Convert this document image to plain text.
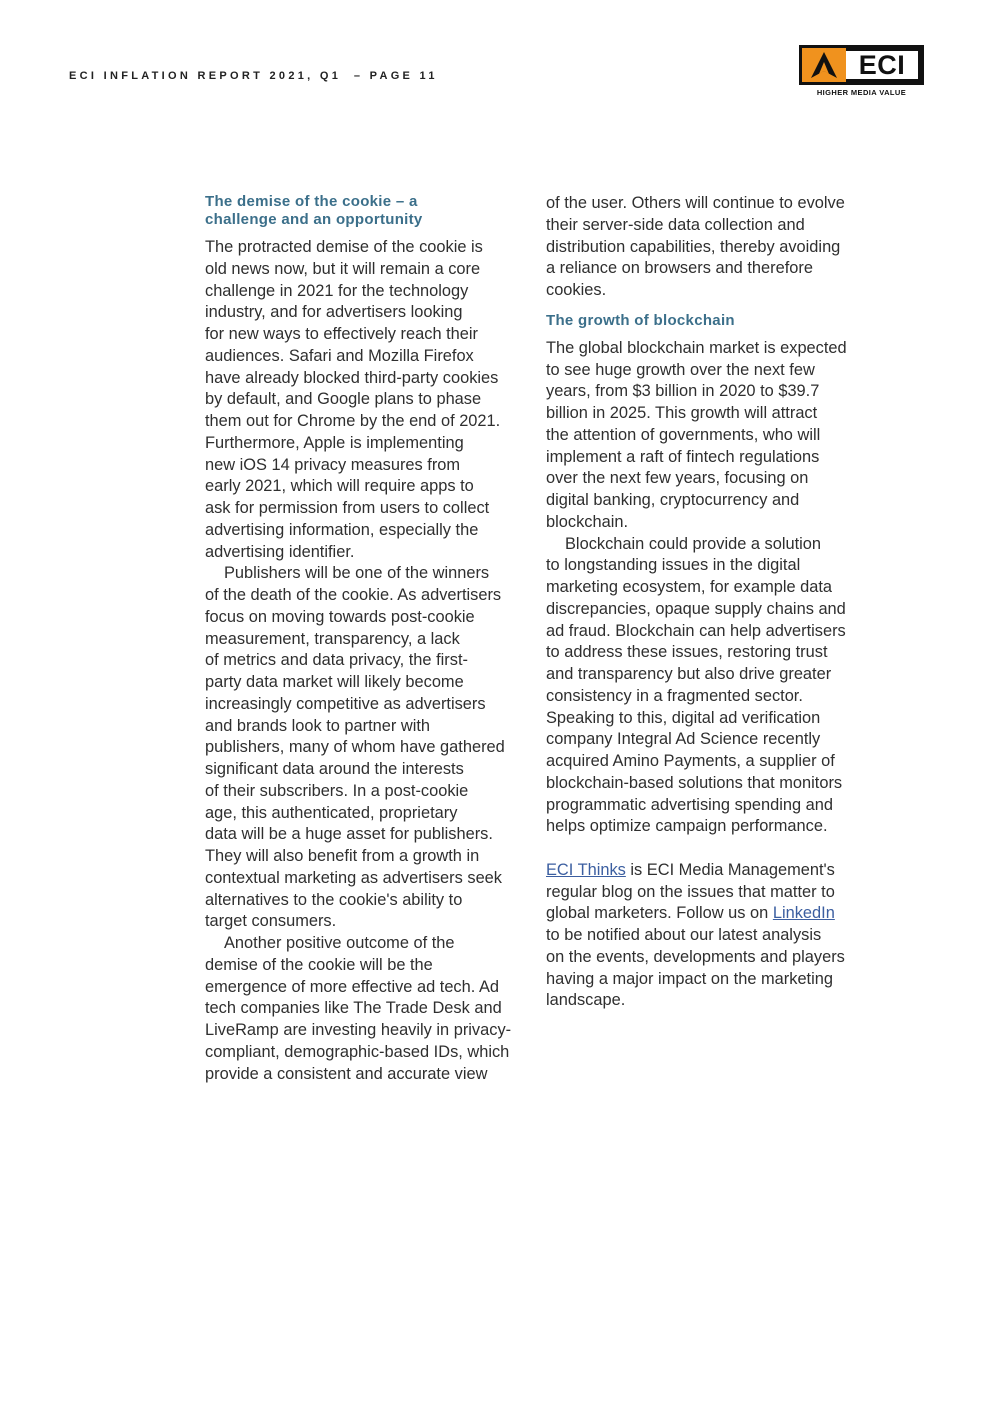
ECI INFLATION REPORT 2021, Q1  – PAGE 11	ECI
HIGHER MEDIA VALUE
The demise of the cookie – a
challenge and an opportunity
The protracted demise of the cookie is
old news now, but it will remain a core
challenge in 2021 for the technology
industry, and for advertisers looking
for new ways to effectively reach their
audiences. Safari and Mozilla Firefox
have already blocked third-party cookies
by default, and Google plans to phase
them out for Chrome by the end of 2021.
Furthermore, Apple is implementing
new iOS 14 privacy measures from
early 2021, which will require apps to
ask for permission from users to collect
advertising information, especially the
advertising identifier.
Publishers will be one of the winners
of the death of the cookie. As advertisers
focus on moving towards post-cookie
measurement, transparency, a lack
of metrics and data privacy, the first-
party data market will likely become
increasingly competitive as advertisers
and brands look to partner with
publishers, many of whom have gathered
significant data around the interests
of their subscribers. In a post-cookie
age, this authenticated, proprietary
data will be a huge asset for publishers.
They will also benefit from a growth in
contextual marketing as advertisers seek
alternatives to the cookie's ability to
target consumers.
Another positive outcome of the
demise of the cookie will be the
emergence of more effective ad tech. Ad
tech companies like The Trade Desk and
LiveRamp are investing heavily in privacy-
compliant, demographic-based IDs, which
provide a consistent and accurate view
of the user. Others will continue to evolve
their server-side data collection and
distribution capabilities, thereby avoiding
a reliance on browsers and therefore
cookies.
The growth of blockchain
The global blockchain market is expected
to see huge growth over the next few
years, from $3 billion in 2020 to $39.7
billion in 2025. This growth will attract
the attention of governments, who will
implement a raft of fintech regulations
over the next few years, focusing on
digital banking, cryptocurrency and
blockchain.
Blockchain could provide a solution
to longstanding issues in the digital
marketing ecosystem, for example data
discrepancies, opaque supply chains and
ad fraud. Blockchain can help advertisers
to address these issues, restoring trust
and transparency but also drive greater
consistency in a fragmented sector.
Speaking to this, digital ad verification
company Integral Ad Science recently
acquired Amino Payments, a supplier of
blockchain-based solutions that monitors
programmatic advertising spending and
helps optimize campaign performance.
ECI Thinks is ECI Media Management's
regular blog on the issues that matter to
global marketers. Follow us on LinkedIn
to be notified about our latest analysis
on the events, developments and players
having a major impact on the marketing
landscape.
